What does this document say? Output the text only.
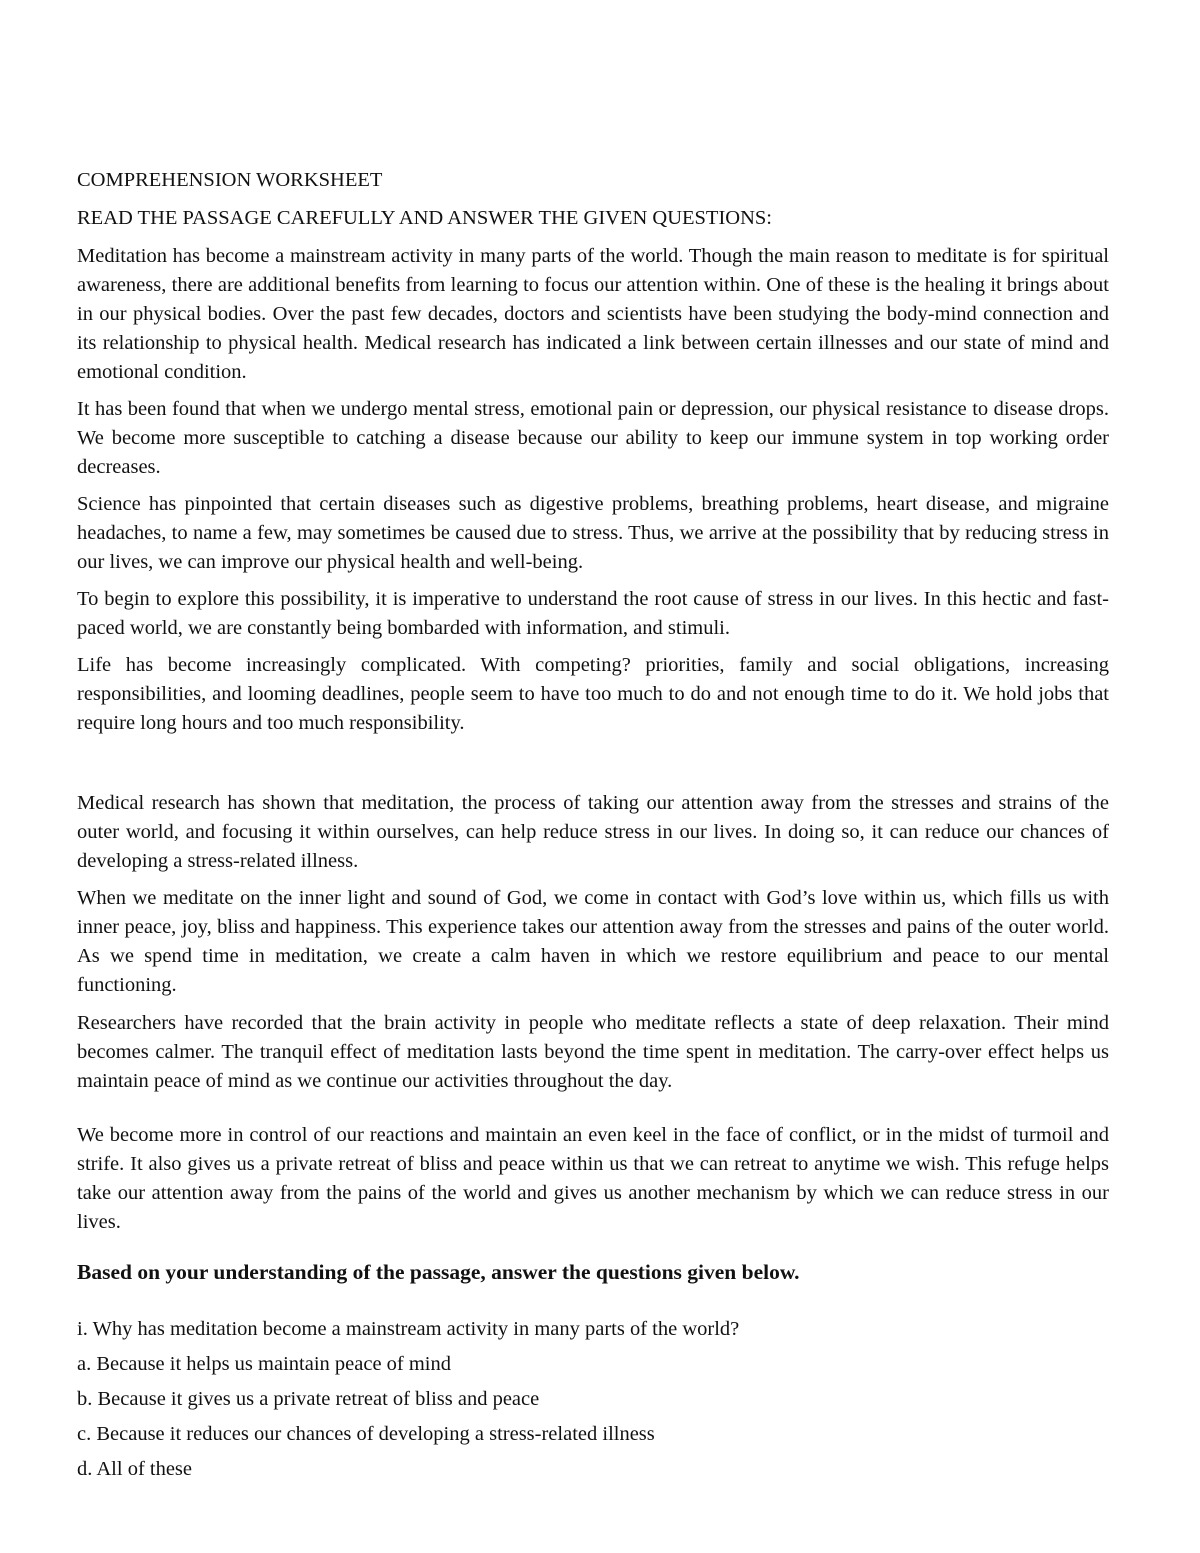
COMPREHENSION WORKSHEET

READ THE PASSAGE CAREFULLY AND ANSWER THE GIVEN QUESTIONS:

Meditation has become a mainstream activity in many parts of the world. Though the main reason to meditate is for spiritual awareness, there are additional benefits from learning to focus our attention within. One of these is the healing it brings about in our physical bodies. Over the past few decades, doctors and scientists have been studying the body-mind connection and its relationship to physical health. Medical research has indicated a link between certain illnesses and our state of mind and emotional condition.

It has been found that when we undergo mental stress, emotional pain or depression, our physical resistance to disease drops. We become more susceptible to catching a disease because our ability to keep our immune system in top working order decreases.

Science has pinpointed that certain diseases such as digestive problems, breathing problems, heart disease, and migraine headaches, to name a few, may sometimes be caused due to stress. Thus, we arrive at the possibility that by reducing stress in our lives, we can improve our physical health and well-being.

To begin to explore this possibility, it is imperative to understand the root cause of stress in our lives. In this hectic and fast-paced world, we are constantly being bombarded with information, and stimuli.

Life has become increasingly complicated. With competing? priorities, family and social obligations, increasing responsibilities, and looming deadlines, people seem to have too much to do and not enough time to do it. We hold jobs that require long hours and too much responsibility.

Medical research has shown that meditation, the process of taking our attention away from the stresses and strains of the outer world, and focusing it within ourselves, can help reduce stress in our lives. In doing so, it can reduce our chances of developing a stress-related illness.

When we meditate on the inner light and sound of God, we come in contact with God’s love within us, which fills us with inner peace, joy, bliss and happiness. This experience takes our attention away from the stresses and pains of the outer world. As we spend time in meditation, we create a calm haven in which we restore equilibrium and peace to our mental functioning.

Researchers have recorded that the brain activity in people who meditate reflects a state of deep relaxation. Their mind becomes calmer. The tranquil effect of meditation lasts beyond the time spent in meditation. The carry-over effect helps us maintain peace of mind as we continue our activities throughout the day.

We become more in control of our reactions and maintain an even keel in the face of conflict, or in the midst of turmoil and strife. It also gives us a private retreat of bliss and peace within us that we can retreat to anytime we wish. This refuge helps take our attention away from the pains of the world and gives us another mechanism by which we can reduce stress in our lives.

Based on your understanding of the passage, answer the questions given below.

i. Why has meditation become a mainstream activity in many parts of the world?

a. Because it helps us maintain peace of mind

b. Because it gives us a private retreat of bliss and peace

c. Because it reduces our chances of developing a stress-related illness

d. All of these
